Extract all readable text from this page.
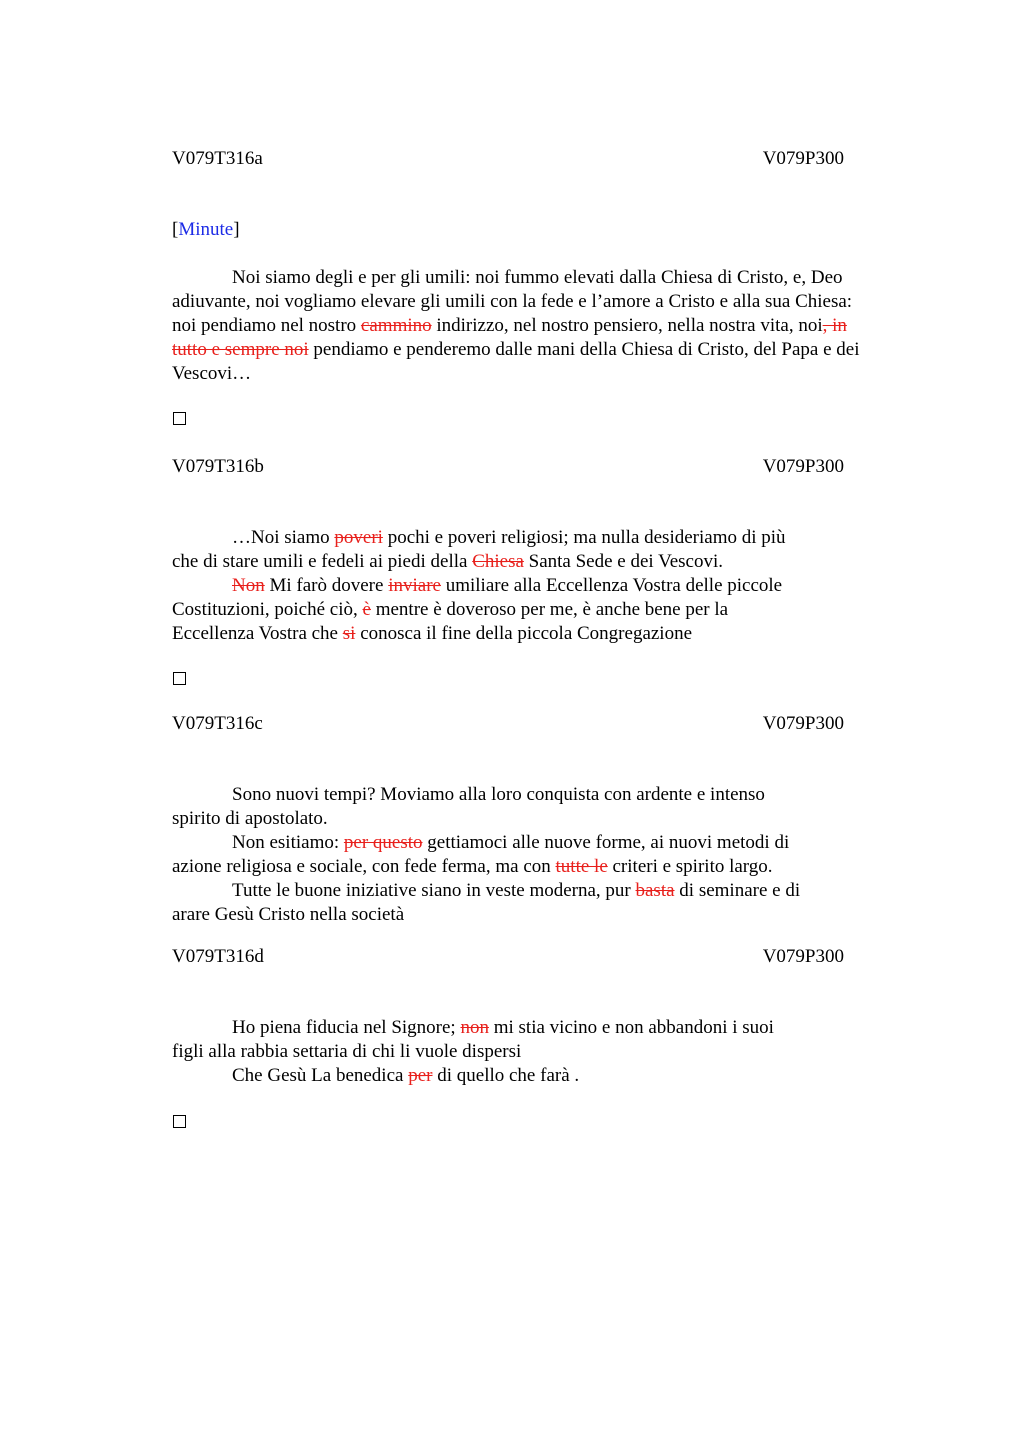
V079T316a	V079P300
[Minute]
Noi siamo degli e per gli umili: noi fummo elevati dalla Chiesa di Cristo, e, Deo
adiuvante, noi vogliamo elevare gli umili con la fede e l’amore a Cristo e alla sua Chiesa:
noi pendiamo nel nostro cammino indirizzo, nel nostro pensiero, nella nostra vita, noi, in
tutto e sempre noi pendiamo e penderemo dalle mani della Chiesa di Cristo, del Papa e dei
Vescovi…
V079T316b	V079P300
…Noi siamo poveri pochi e poveri religiosi; ma nulla desideriamo di più
che di stare umili e fedeli ai piedi della Chiesa Santa Sede e dei Vescovi.
Non Mi farò dovere inviare umiliare alla Eccellenza Vostra delle piccole
Costituzioni, poiché ciò, è mentre è doveroso per me, è anche bene per la
Eccellenza Vostra che si conosca il fine della piccola Congregazione
V079T316c	V079P300
Sono nuovi tempi? Moviamo alla loro conquista con ardente e intenso
spirito di apostolato.
Non esitiamo: per questo gettiamoci alle nuove forme, ai nuovi metodi di
azione religiosa e sociale, con fede ferma, ma con tutte le criteri e spirito largo.
Tutte le buone iniziative siano in veste moderna, pur basta di seminare e di
arare Gesù Cristo nella società
V079T316d	V079P300
Ho piena fiducia nel Signore; non mi stia vicino e non abbandoni i suoi
figli alla rabbia settaria di chi li vuole dispersi
Che Gesù La benedica per di quello che farà .
